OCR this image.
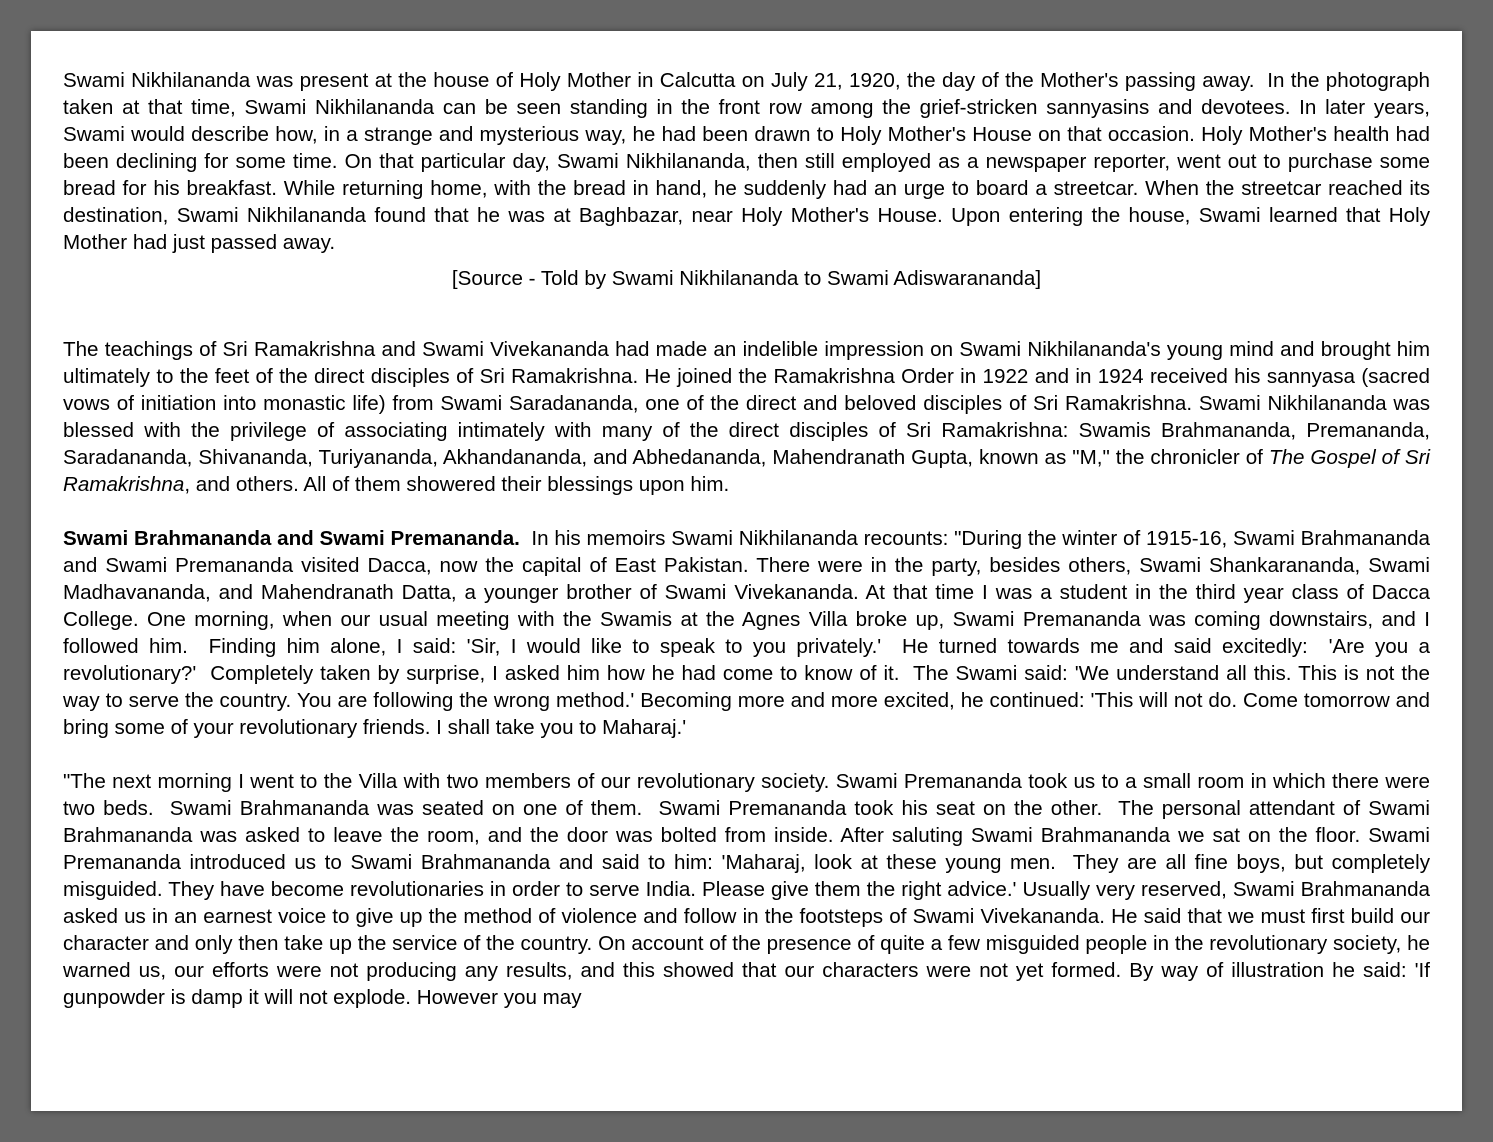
Swami Nikhilananda was present at the house of Holy Mother in Calcutta on July 21, 1920, the day of the Mother's passing away.  In the photograph taken at that time, Swami Nikhilananda can be seen standing in the front row among the grief-stricken sannyasins and devotees. In later years, Swami would describe how, in a strange and mysterious way, he had been drawn to Holy Mother's House on that occasion. Holy Mother's health had been declining for some time. On that particular day, Swami Nikhilananda, then still employed as a newspaper reporter, went out to purchase some bread for his breakfast. While returning home, with the bread in hand, he suddenly had an urge to board a streetcar. When the streetcar reached its destination, Swami Nikhilananda found that he was at Baghbazar, near Holy Mother's House. Upon entering the house, Swami learned that Holy Mother had just passed away.

[Source - Told by Swami Nikhilananda to Swami Adiswarananda]

The teachings of Sri Ramakrishna and Swami Vivekananda had made an indelible impression on Swami Nikhilananda's young mind and brought him ultimately to the feet of the direct disciples of Sri Ramakrishna. He joined the Ramakrishna Order in 1922 and in 1924 received his sannyasa (sacred vows of initiation into monastic life) from Swami Saradananda, one of the direct and beloved disciples of Sri Ramakrishna. Swami Nikhilananda was blessed with the privilege of associating intimately with many of the direct disciples of Sri Ramakrishna: Swamis Brahmananda, Premananda, Saradananda, Shivananda, Turiyananda, Akhandananda, and Abhedananda, Mahendranath Gupta, known as "M," the chronicler of The Gospel of Sri Ramakrishna, and others. All of them showered their blessings upon him.

Swami Brahmananda and Swami Premananda.  In his memoirs Swami Nikhilananda recounts: "During the winter of 1915-16, Swami Brahmananda and Swami Premananda visited Dacca, now the capital of East Pakistan. There were in the party, besides others, Swami Shankarananda, Swami Madhavananda, and Mahendranath Datta, a younger brother of Swami Vivekananda. At that time I was a student in the third year class of Dacca College. One morning, when our usual meeting with the Swamis at the Agnes Villa broke up, Swami Premananda was coming downstairs, and I followed him.  Finding him alone, I said: 'Sir, I would like to speak to you privately.'  He turned towards me and said excitedly:  'Are you a revolutionary?'  Completely taken by surprise, I asked him how he had come to know of it.  The Swami said: 'We understand all this. This is not the way to serve the country. You are following the wrong method.' Becoming more and more excited, he continued: 'This will not do. Come tomorrow and bring some of your revolutionary friends. I shall take you to Maharaj.'

"The next morning I went to the Villa with two members of our revolutionary society. Swami Premananda took us to a small room in which there were two beds.  Swami Brahmananda was seated on one of them.  Swami Premananda took his seat on the other.  The personal attendant of Swami Brahmananda was asked to leave the room, and the door was bolted from inside. After saluting Swami Brahmananda we sat on the floor. Swami Premananda introduced us to Swami Brahmananda and said to him: 'Maharaj, look at these young men.  They are all fine boys, but completely misguided. They have become revolutionaries in order to serve India. Please give them the right advice.' Usually very reserved, Swami Brahmananda asked us in an earnest voice to give up the method of violence and follow in the footsteps of Swami Vivekananda. He said that we must first build our character and only then take up the service of the country. On account of the presence of quite a few misguided people in the revolutionary society, he warned us, our efforts were not producing any results, and this showed that our characters were not yet formed. By way of illustration he said: 'If gunpowder is damp it will not explode. However you may
